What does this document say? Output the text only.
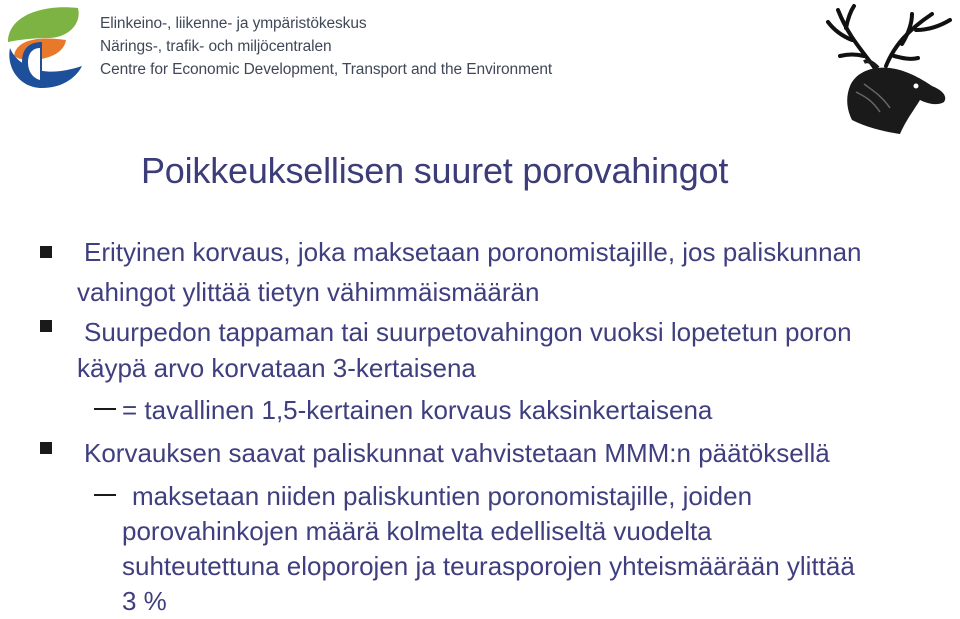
Elinkeino-, liikenne- ja ympäristökeskus
Närings-, trafik- och miljöcentralen
Centre for Economic Development, Transport and the Environment
Poikkeuksellisen suuret porovahingot
Erityinen korvaus, joka maksetaan poronomistajille, jos paliskunnan
vahingot ylittää tietyn vähimmäismäärän
Suurpedon tappaman tai suurpetovahingon vuoksi lopetetun poron
käypä arvo korvataan 3-kertaisena
= tavallinen 1,5-kertainen korvaus kaksinkertaisena
Korvauksen saavat paliskunnat vahvistetaan MMM:n päätöksellä
maksetaan niiden paliskuntien poronomistajille, joiden
porovahinkojen määrä kolmelta edelliseltä vuodelta
suhteutettuna eloporojen ja teurasporojen yhteismäärään ylittää
3 %
